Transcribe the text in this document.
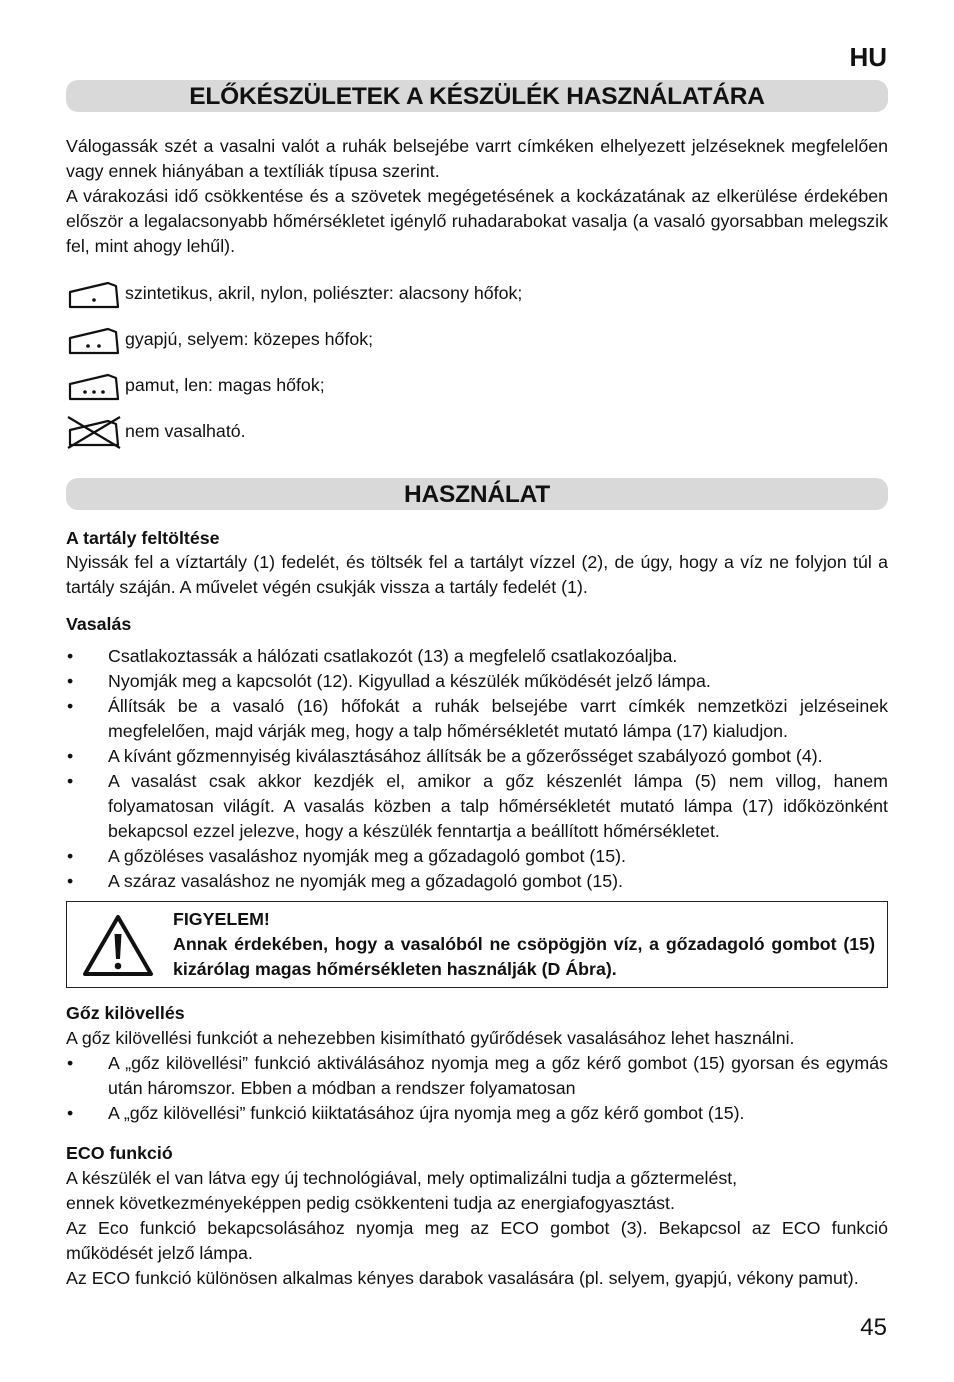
HU
ELŐKÉSZÜLETEK A KÉSZÜLÉK HASZNÁLATÁRA

Válogassák szét a vasalni valót a ruhák belsejébe varrt címkéken elhelyezett jelzéseknek megfelelően vagy ennek hiányában a textíliák típusa szerint.

A várakozási idő csökkentése és a szövetek megégetésének a kockázatának az elkerülése érdekében először a legalacsonyabb hőmérsékletet igénylő ruhadarabokat vasalja (a vasaló gyorsabban melegszik fel, mint ahogy lehűl).

szintetikus, akril, nylon, poliészter: alacsony hőfok;
gyapjú, selyem: közepes hőfok;
pamut, len: magas hőfok;
nem vasalható.
HASZNÁLAT
A tartály feltöltése
Nyissák fel a víztartály (1) fedelét, és töltsék fel a tartályt vízzel (2), de úgy, hogy a víz ne folyjon túl a tartály száján. A művelet végén csukják vissza a tartály fedelét (1).
Vasalás
• Csatlakoztassák a hálózati csatlakozót (13) a megfelelő csatlakozóaljba.
• Nyomják meg a kapcsolót (12). Kigyullad a készülék működését jelző lámpa.
• Állítsák be a vasaló (16) hőfokát a ruhák belsejébe varrt címkék nemzetközi jelzéseinek megfelelően, majd várják meg, hogy a talp hőmérsékletét mutató lámpa (17) kialudjon.
• A kívánt gőzmennyiség kiválasztásához állítsák be a gőzerősséget szabályozó gombot (4).
• A vasalást csak akkor kezdjék el, amikor a gőz készenlét lámpa (5) nem villog, hanem folyamatosan világít. A vasalás közben a talp hőmérsékletét mutató lámpa (17) időközönként bekapcsol ezzel jelezve, hogy a készülék fenntartja a beállított hőmérsékletet.
• A gőzöléses vasaláshoz nyomják meg a gőzadagoló gombot (15).
• A száraz vasaláshoz ne nyomják meg a gőzadagoló gombot (15).
FIGYELEM!
Annak érdekében, hogy a vasalóból ne csöpögjön víz, a gőzadagoló gombot (15) kizárólag magas hőmérsékleten használják (D Ábra).
Gőz kilövellés
A gőz kilövellési funkciót a nehezebben kisimítható gyűrődések vasalásához lehet használni.
• A „gőz kilövellési” funkció aktiválásához nyomja meg a gőz kérő gombot (15) gyorsan és egymás után háromszor. Ebben a módban a rendszer folyamatosan
• A „gőz kilövellési” funkció kiiktatásához újra nyomja meg a gőz kérő gombot (15).
ECO funkció

A készülék el van látva egy új technológiával, mely optimalizálni tudja a gőztermelést,

ennek következményeképpen pedig csökkenteni tudja az energiafogyasztást.

Az Eco funkció bekapcsolásához nyomja meg az ECO gombot (3). Bekapcsol az ECO funkció működését jelző lámpa.

Az ECO funkció különösen alkalmas kényes darabok vasalására (pl. selyem, gyapjú, vékony pamut).

45
